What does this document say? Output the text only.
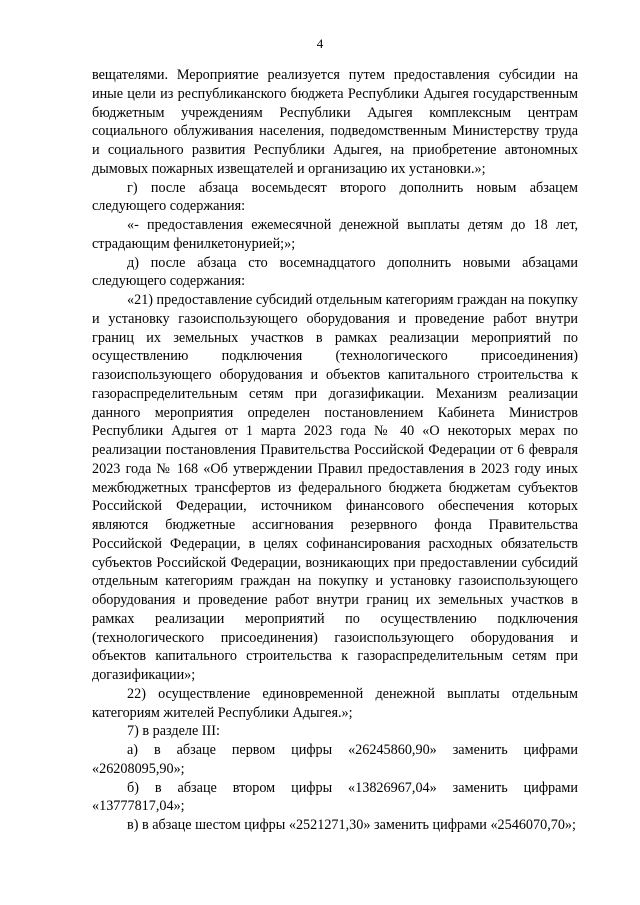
4

вещателями. Мероприятие реализуется путем предоставления субсидии на иные цели из республиканского бюджета Республики Адыгея государственным бюджетным учреждениям Республики Адыгея комплексным центрам социального облуживания населения, подведомственным Министерству труда и социального развития Республики Адыгея, на приобретение автономных дымовых пожарных извещателей и организацию их установки.»;

г) после абзаца восемьдесят второго дополнить новым абзацем следующего содержания:

«- предоставления ежемесячной денежной выплаты детям до 18 лет, страдающим фенилкетонурией;»;

д) после абзаца сто восемнадцатого дополнить новыми абзацами следующего содержания:

«21) предоставление субсидий отдельным категориям граждан на покупку и установку газоиспользующего оборудования и проведение работ внутри границ их земельных участков в рамках реализации мероприятий по осуществлению подключения (технологического присоединения) газоиспользующего оборудования и объектов капитального строительства к газораспределительным сетям при догазификации. Механизм реализации данного мероприятия определен постановлением Кабинета Министров Республики Адыгея от 1 марта 2023 года № 40 «О некоторых мерах по реализации постановления Правительства Российской Федерации от 6 февраля 2023 года № 168 «Об утверждении Правил предоставления в 2023 году иных межбюджетных трансфертов из федерального бюджета бюджетам субъектов Российской Федерации, источником финансового обеспечения которых являются бюджетные ассигнования резервного фонда Правительства Российской Федерации, в целях софинансирования расходных обязательств субъектов Российской Федерации, возникающих при предоставлении субсидий отдельным категориям граждан на покупку и установку газоиспользующего оборудования и проведение работ внутри границ их земельных участков в рамках реализации мероприятий по осуществлению подключения (технологического присоединения) газоиспользующего оборудования и объектов капитального строительства к газораспределительным сетям при догазификации»;

22) осуществление единовременной денежной выплаты отдельным категориям жителей Республики Адыгея.»;

7) в разделе III:

а) в абзаце первом цифры «26245860,90» заменить цифрами «26208095,90»;

б) в абзаце втором цифры «13826967,04» заменить цифрами «13777817,04»;

в) в абзаце шестом цифры «2521271,30» заменить цифрами «2546070,70»;
